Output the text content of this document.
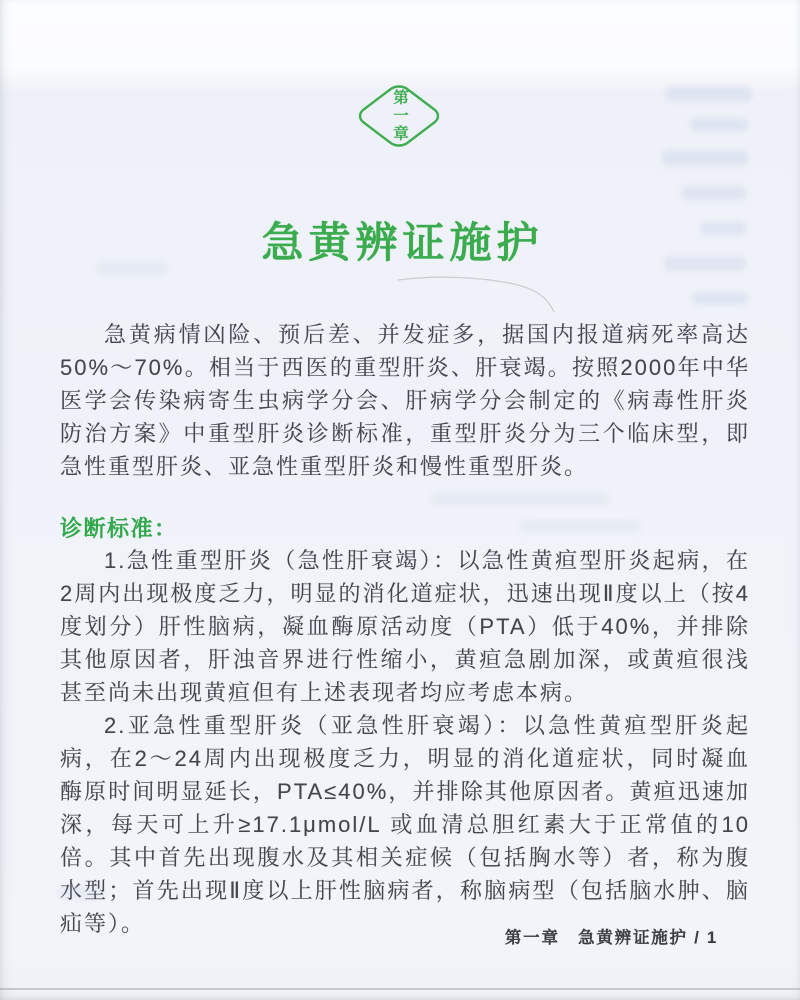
第一章
急黄辨证施护

急黄病情凶险、预后差、并发症多，据国内报道病死率高达50%～70%。相当于西医的重型肝炎、肝衰竭。按照2000年中华医学会传染病寄生虫病学分会、肝病学分会制定的《病毒性肝炎防治方案》中重型肝炎诊断标准，重型肝炎分为三个临床型，即急性重型肝炎、亚急性重型肝炎和慢性重型肝炎。

诊断标准：

1.急性重型肝炎（急性肝衰竭）：以急性黄疸型肝炎起病，在2周内出现极度乏力，明显的消化道症状，迅速出现Ⅱ度以上（按4度划分）肝性脑病，凝血酶原活动度（PTA）低于40%，并排除其他原因者，肝浊音界进行性缩小，黄疸急剧加深，或黄疸很浅甚至尚未出现黄疸但有上述表现者均应考虑本病。

2.亚急性重型肝炎（亚急性肝衰竭）：以急性黄疸型肝炎起病，在2～24周内出现极度乏力，明显的消化道症状，同时凝血酶原时间明显延长，PTA≤40%，并排除其他原因者。黄疸迅速加深，每天可上升≥17.1μmol/L 或血清总胆红素大于正常值的10倍。其中首先出现腹水及其相关症候（包括胸水等）者，称为腹水型；首先出现Ⅱ度以上肝性脑病者，称脑病型（包括脑水肿、脑疝等）。

第一章　急黄辨证施护 / 1
